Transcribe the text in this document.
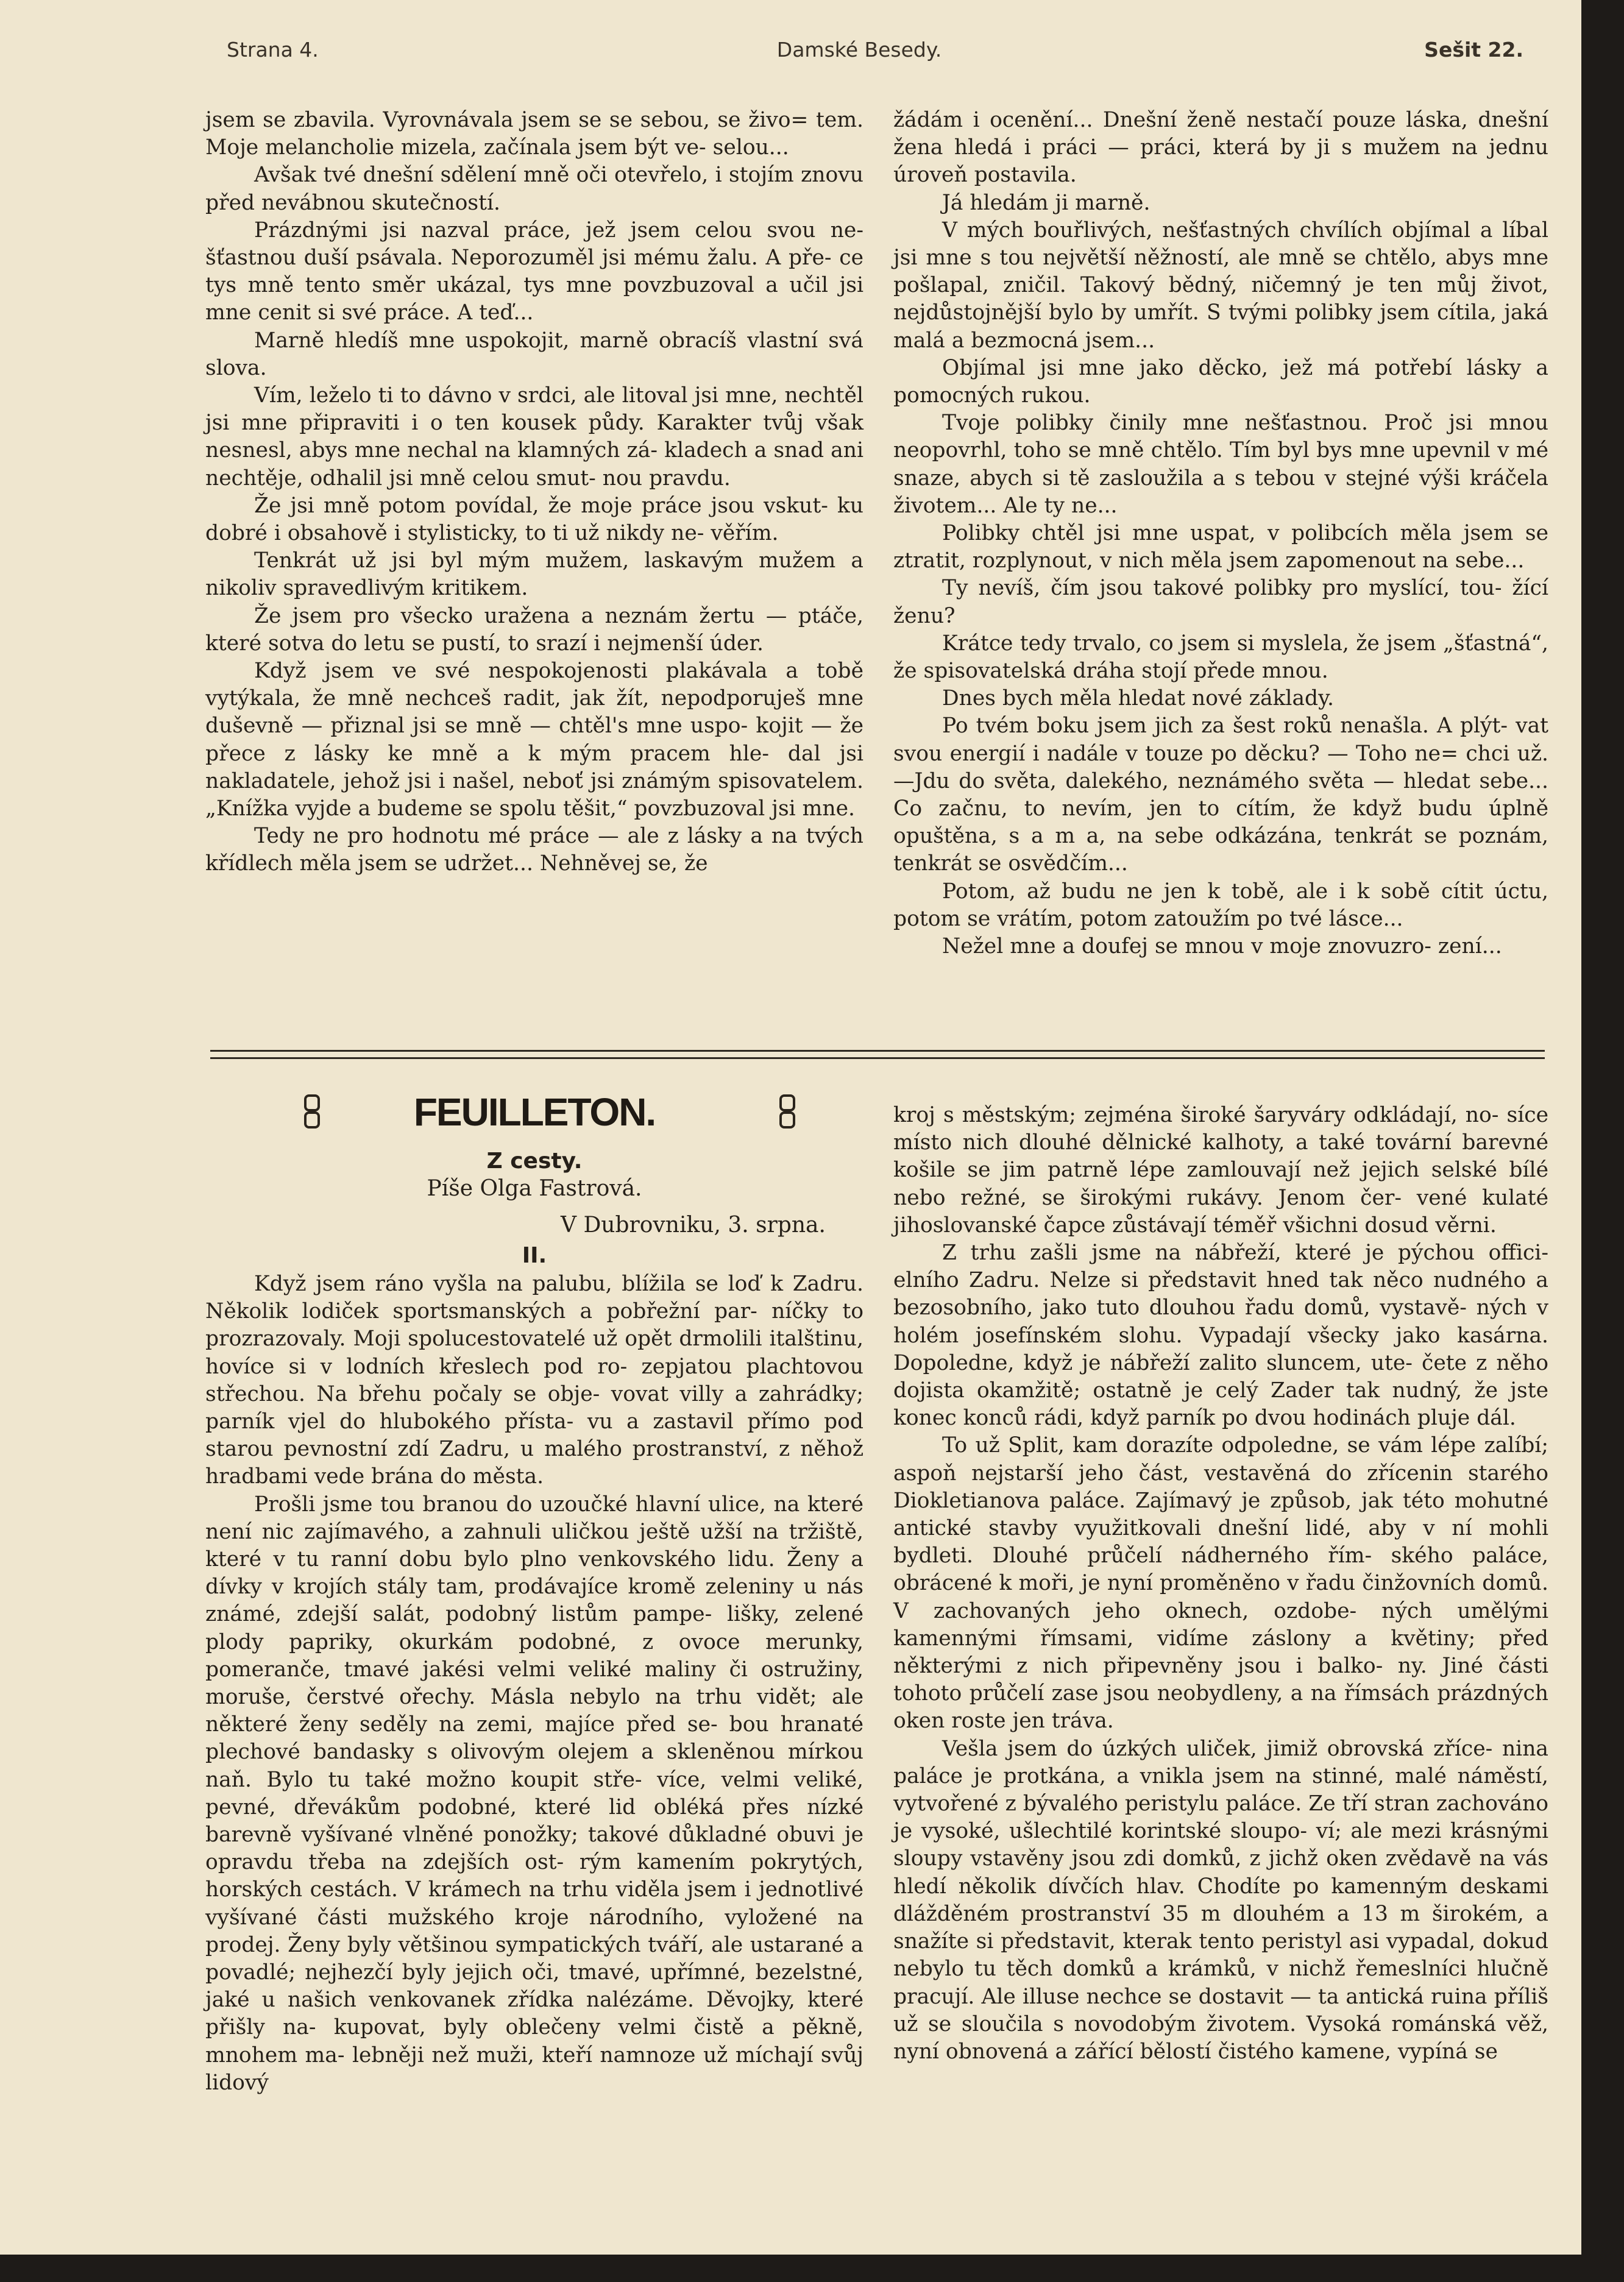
Strana 4.	Damské Besedy.	Sešit 22.

jsem se zbavila. Vyrovnávala jsem se se sebou, se živo= tem. Moje melancholie mizela, začínala jsem být ve- selou...

Avšak tvé dnešní sdělení mně oči otevřelo, i stojím znovu před nevábnou skutečností.

Prázdnými jsi nazval práce, jež jsem celou svou ne- šťastnou duší psávala. Neporozuměl jsi mému žalu. A pře- ce tys mně tento směr ukázal, tys mne povzbuzoval a učil jsi mne cenit si své práce. A teď...

Marně hledíš mne uspokojit, marně obracíš vlastní svá slova.

Vím, leželo ti to dávno v srdci, ale litoval jsi mne, nechtěl jsi mne připraviti i o ten kousek půdy. Karakter tvůj však nesnesl, abys mne nechal na klamných zá- kladech a snad ani nechtěje, odhalil jsi mně celou smut- nou pravdu.

Že jsi mně potom povídal, že moje práce jsou vskut- ku dobré i obsahově i stylisticky, to ti už nikdy ne- věřím.

Tenkrát už jsi byl mým mužem, laskavým mužem a nikoliv spravedlivým kritikem.

Že jsem pro všecko uražena a neznám žertu — ptáče, které sotva do letu se pustí, to srazí i nejmenší úder.

Když jsem ve své nespokojenosti plakávala a tobě vytýkala, že mně nechceš radit, jak žít, nepodporuješ mne duševně — přiznal jsi se mně — chtěl's mne uspo- kojit — že přece z lásky ke mně a k mým pracem hle- dal jsi nakladatele, jehož jsi i našel, neboť jsi známým spisovatelem. „Knížka vyjde a budeme se spolu těšit,“ povzbuzoval jsi mne.

Tedy ne pro hodnotu mé práce — ale z lásky a na tvých křídlech měla jsem se udržet... Nehněvej se, že

žádám i ocenění... Dnešní ženě nestačí pouze láska, dnešní žena hledá i práci — práci, která by ji s mužem na jednu úroveň postavila.

Já hledám ji marně.

V mých bouřlivých, nešťastných chvílích objímal a líbal jsi mne s tou největší něžností, ale mně se chtělo, abys mne pošlapal, zničil. Takový bědný, ničemný je ten můj život, nejdůstojnější bylo by umřít. S tvými polibky jsem cítila, jaká malá a bezmocná jsem...

Objímal jsi mne jako děcko, jež má potřebí lásky a pomocných rukou.

Tvoje polibky činily mne nešťastnou. Proč jsi mnou neopovrhl, toho se mně chtělo. Tím byl bys mne upevnil v mé snaze, abych si tě zasloužila a s tebou v stejné výši kráčela životem... Ale ty ne...

Polibky chtěl jsi mne uspat, v polibcích měla jsem se ztratit, rozplynout, v nich měla jsem zapomenout na sebe...

Ty nevíš, čím jsou takové polibky pro myslící, tou- žící ženu?

Krátce tedy trvalo, co jsem si myslela, že jsem „šťastná“, že spisovatelská dráha stojí přede mnou.

Dnes bych měla hledat nové základy.

Po tvém boku jsem jich za šest roků nenašla. A plýt- vat svou energií i nadále v touze po děcku? — Toho ne= chci už. —Jdu do světa, dalekého, neznámého světa — hledat sebe... Co začnu, to nevím, jen to cítím, že když budu úplně opuštěna, s a m a, na sebe odkázána, tenkrát se poznám, tenkrát se osvědčím...

Potom, až budu ne jen k tobě, ale i k sobě cítit úctu, potom se vrátím, potom zatoužím po tvé lásce...

Nežel mne a doufej se mnou v moje znovuzro- zení...

FEUILLETON.
Z cesty.
Píše Olga Fastrová.
V Dubrovniku, 3. srpna.
II.

Když jsem ráno vyšla na palubu, blížila se loď k Zadru. Několik lodiček sportsmanských a pobřežní par- níčky to prozrazovaly. Moji spolucestovatelé už opět drmolili italštinu, hovíce si v lodních křeslech pod ro- zepjatou plachtovou střechou. Na břehu počaly se obje- vovat villy a zahrádky; parník vjel do hlubokého přísta- vu a zastavil přímo pod starou pevnostní zdí Zadru, u malého prostranství, z něhož hradbami vede brána do města.

Prošli jsme tou branou do uzoučké hlavní ulice, na které není nic zajímavého, a zahnuli uličkou ještě užší na tržiště, které v tu ranní dobu bylo plno venkovského lidu. Ženy a dívky v krojích stály tam, prodávajíce kromě zeleniny u nás známé, zdejší salát, podobný listům pampe- lišky, zelené plody papriky, okurkám podobné, z ovoce merunky, pomeranče, tmavé jakési velmi veliké maliny či ostružiny, moruše, čerstvé ořechy. Másla nebylo na trhu vidět; ale některé ženy seděly na zemi, majíce před se- bou hranaté plechové bandasky s olivovým olejem a skleněnou mírkou naň. Bylo tu také možno koupit stře- více, velmi veliké, pevné, dřevákům podobné, které lid obléká přes nízké barevně vyšívané vlněné ponožky; takové důkladné obuvi je opravdu třeba na zdejších ost- rým kamením pokrytých, horských cestách. V krámech na trhu viděla jsem i jednotlivé vyšívané části mužského kroje národního, vyložené na prodej. Ženy byly většinou sympatických tváří, ale ustarané a povadlé; nejhezčí byly jejich oči, tmavé, upřímné, bezelstné, jaké u našich venkovanek zřídka nalézáme. Děvojky, které přišly na- kupovat, byly oblečeny velmi čistě a pěkně, mnohem ma- lebněji než muži, kteří namnoze už míchají svůj lidový

kroj s městským; zejména široké šaryváry odkládají, no- síce místo nich dlouhé dělnické kalhoty, a také tovární barevné košile se jim patrně lépe zamlouvají než jejich selské bílé nebo režné, se širokými rukávy. Jenom čer- vené kulaté jihoslovanské čapce zůstávají téměř všichni dosud věrni.

Z trhu zašli jsme na nábřeží, které je pýchou offici- elního Zadru. Nelze si představit hned tak něco nudného a bezosobního, jako tuto dlouhou řadu domů, vystavě- ných v holém josefínském slohu. Vypadají všecky jako kasárna. Dopoledne, když je nábřeží zalito sluncem, ute- čete z něho dojista okamžitě; ostatně je celý Zader tak nudný, že jste konec konců rádi, když parník po dvou hodinách pluje dál.

To už Split, kam dorazíte odpoledne, se vám lépe zalíbí; aspoň nejstarší jeho část, vestavěná do zřícenin starého Diokletianova paláce. Zajímavý je způsob, jak této mohutné antické stavby využitkovali dnešní lidé, aby v ní mohli bydleti. Dlouhé průčelí nádherného řím- ského paláce, obrácené k moři, je nyní proměněno v řadu činžovních domů. V zachovaných jeho oknech, ozdobe- ných umělými kamennými římsami, vidíme záslony a květiny; před některými z nich připevněny jsou i balko- ny. Jiné části tohoto průčelí zase jsou neobydleny, a na římsách prázdných oken roste jen tráva.

Vešla jsem do úzkých uliček, jimiž obrovská zříce- nina paláce je protkána, a vnikla jsem na stinné, malé náměstí, vytvořené z bývalého peristylu paláce. Ze tří stran zachováno je vysoké, ušlechtilé korintské sloupo- ví; ale mezi krásnými sloupy vstavěny jsou zdi domků, z jichž oken zvědavě na vás hledí několik dívčích hlav. Chodíte po kamenným deskami dlážděném prostranství 35 m dlouhém a 13 m širokém, a snažíte si představit, kterak tento peristyl asi vypadal, dokud nebylo tu těch domků a krámků, v nichž řemeslníci hlučně pracují. Ale illuse nechce se dostavit — ta antická ruina příliš už se sloučila s novodobým životem. Vysoká románská věž, nyní obnovená a zářící bělostí čistého kamene, vypíná se
